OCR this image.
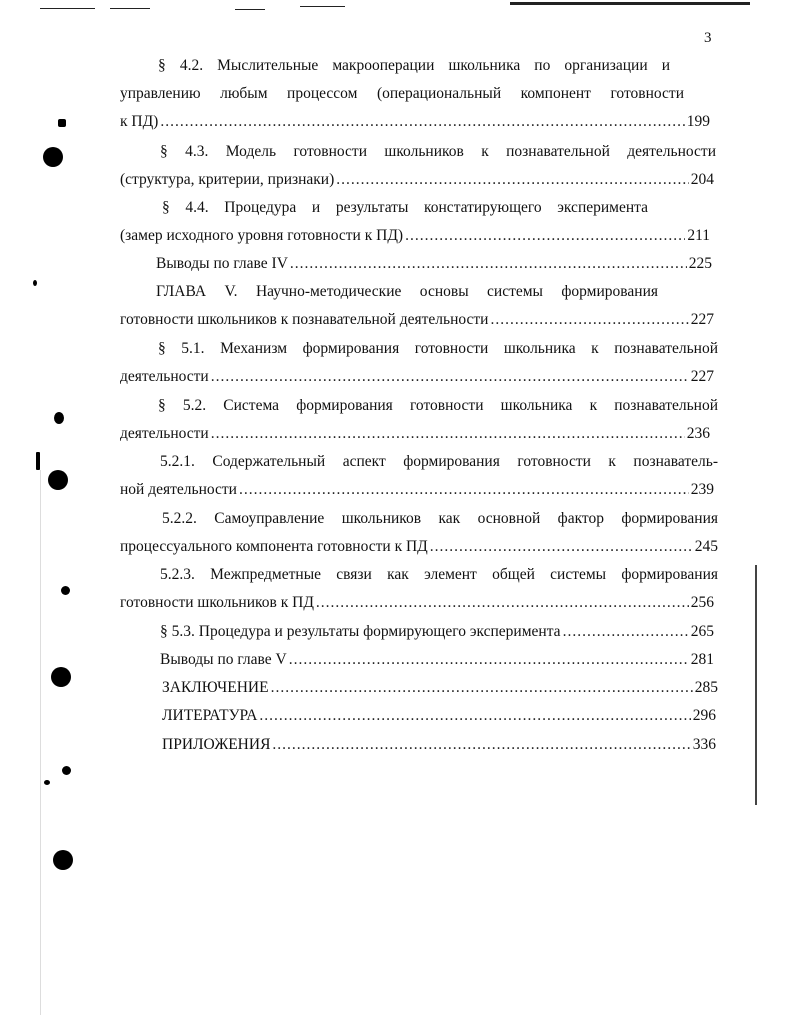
3
§ 4.2. Мыслительные макрооперации школьника по организации и
управлению любым процессом (операциональный компонент готовности
к ПД) .....	199
§ 4.3. Модель готовности школьников к познавательной деятельности
(структура, критерии, признаки) .....	204
§ 4.4. Процедура и результаты констатирующего эксперимента
(замер исходного уровня готовности к ПД) .....	211
Выводы по главе IV .....	225
ГЛАВА V. Научно-методические основы системы формирования
готовности школьников к познавательной деятельности .....	227
§ 5.1. Механизм формирования готовности школьника к познавательной
деятельности .....	227
§ 5.2. Система формирования готовности школьника к познавательной
деятельности .....	236
5.2.1. Содержательный аспект формирования готовности к познаватель-
ной деятельности .....	239
5.2.2. Самоуправление школьников как основной фактор формирования
процессуального компонента готовности к ПД .....	245
5.2.3. Межпредметные связи как элемент общей системы формирования
готовности школьников к ПД .....	256
§ 5.3. Процедура и результаты формирующего эксперимента .....	265
Выводы по главе V .....	281
ЗАКЛЮЧЕНИЕ .....	285
ЛИТЕРАТУРА .....	296
ПРИЛОЖЕНИЯ .....	336
